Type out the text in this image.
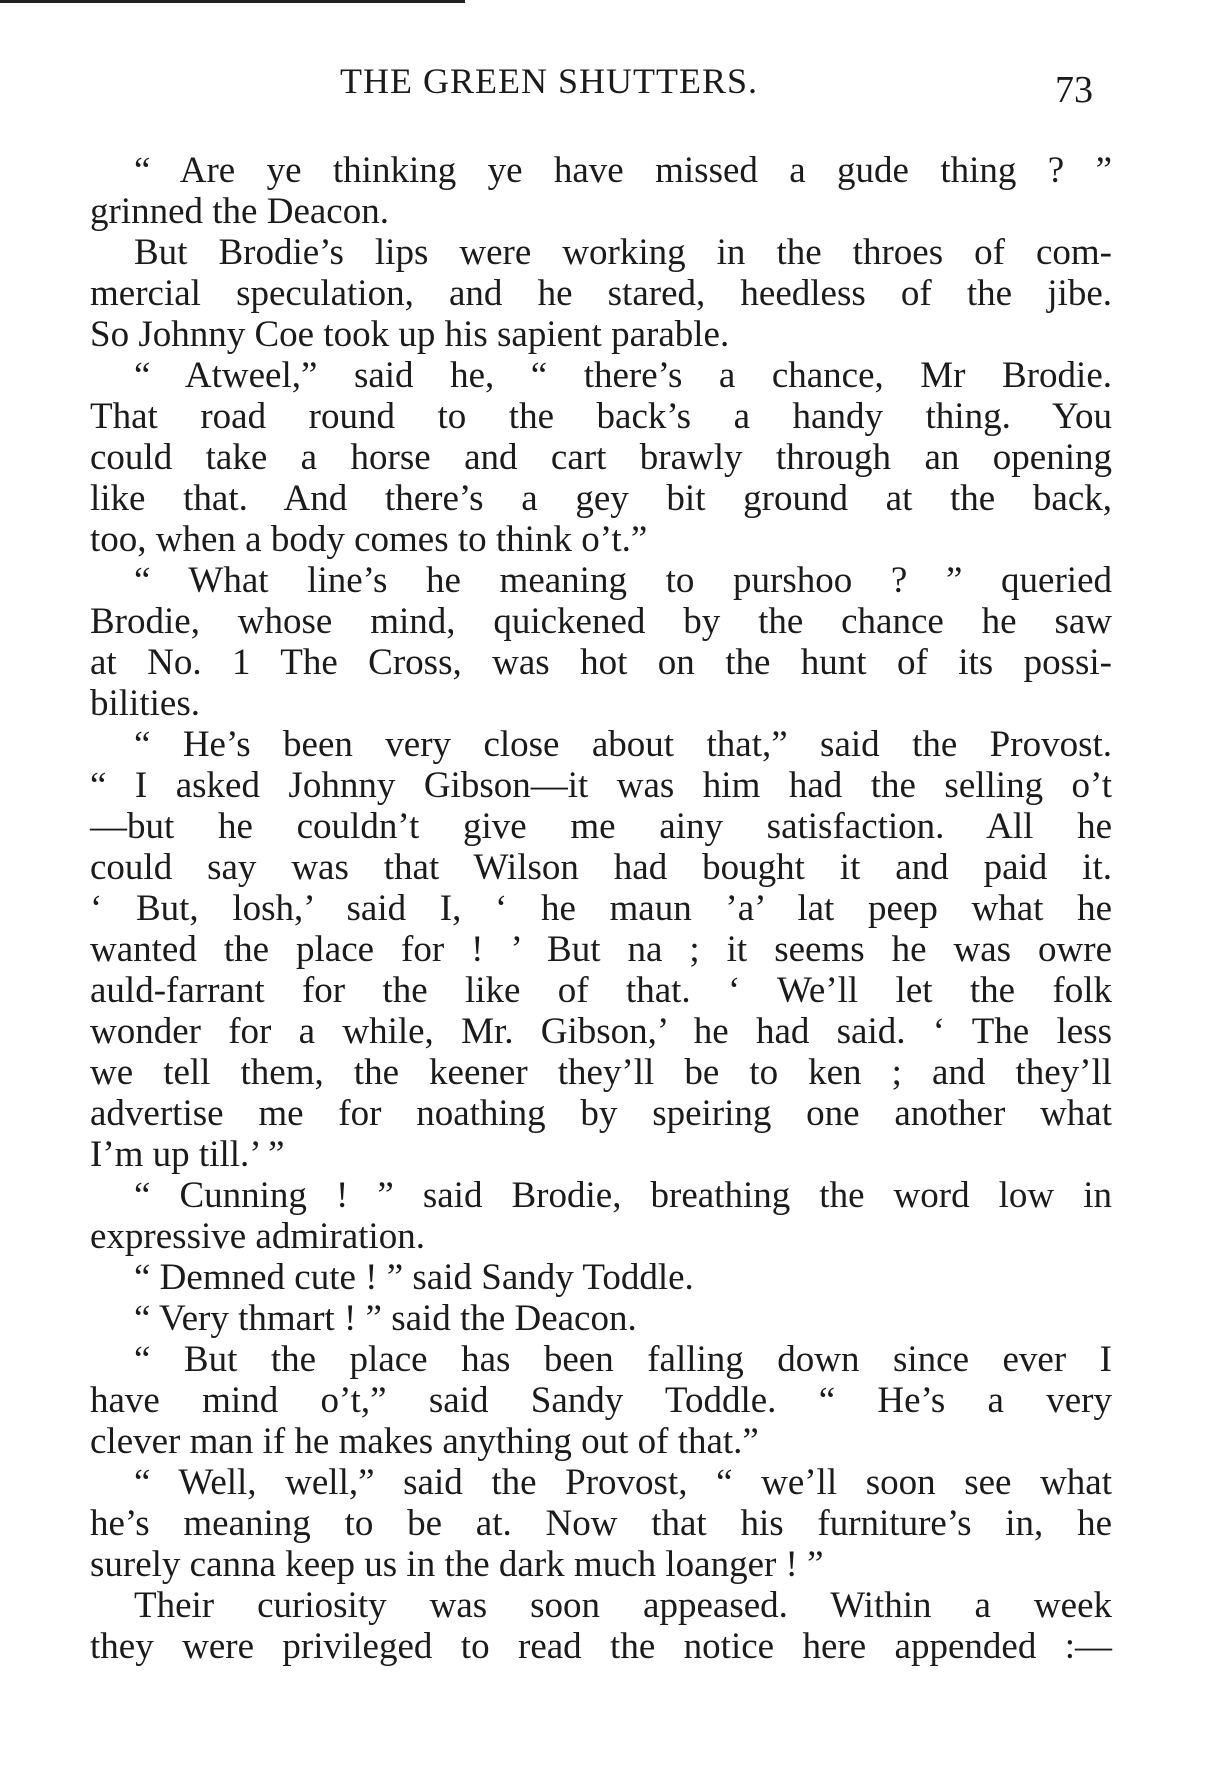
THE GREEN SHUTTERS.	73
“ Are ye thinking ye have missed a gude thing ? ”
grinned the Deacon.
But Brodie’s lips were working in the throes of com-
mercial speculation, and he stared, heedless of the jibe.
So Johnny Coe took up his sapient parable.
“ Atweel,” said he, “ there’s a chance, Mr Brodie.
That road round to the back’s a handy thing. You
could take a horse and cart brawly through an opening
like that. And there’s a gey bit ground at the back,
too, when a body comes to think o’t.”
“ What line’s he meaning to purshoo ? ” queried
Brodie, whose mind, quickened by the chance he saw
at No. 1 The Cross, was hot on the hunt of its possi-
bilities.
“ He’s been very close about that,” said the Provost.
“ I asked Johnny Gibson—it was him had the selling o’t
—but he couldn’t give me ainy satisfaction. All he
could say was that Wilson had bought it and paid it.
‘ But, losh,’ said I, ‘ he maun ’a’ lat peep what he
wanted the place for ! ’ But na ; it seems he was owre
auld-farrant for the like of that. ‘ We’ll let the folk
wonder for a while, Mr. Gibson,’ he had said. ‘ The less
we tell them, the keener they’ll be to ken ; and they’ll
advertise me for noathing by speiring one another what
I’m up till.’ ”
“ Cunning ! ” said Brodie, breathing the word low in
expressive admiration.
“ Demned cute ! ” said Sandy Toddle.
“ Very thmart ! ” said the Deacon.
“ But the place has been falling down since ever I
have mind o’t,” said Sandy Toddle. “ He’s a very
clever man if he makes anything out of that.”
“ Well, well,” said the Provost, “ we’ll soon see what
he’s meaning to be at. Now that his furniture’s in, he
surely canna keep us in the dark much loanger ! ”
Their curiosity was soon appeased. Within a week
they were privileged to read the notice here appended :—
